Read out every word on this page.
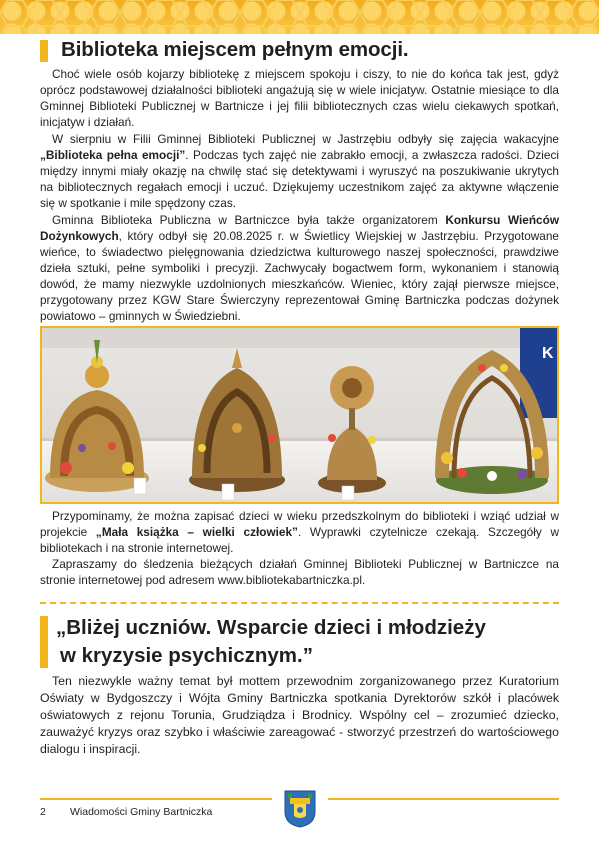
Biblioteka miejscem pełnym emocji.

Choć wiele osób kojarzy bibliotekę z miejscem spokoju i ciszy, to nie do końca tak jest, gdyż oprócz podstawowej działalności biblioteki angażują się w wiele inicjatyw. Ostatnie miesiące to dla Gminnej Biblioteki Publicznej w Bartnicze i jej filii bibliotecznych czas wielu ciekawych spotkań, inicjatyw i działań.

W sierpniu w Filii Gminnej Biblioteki Publicznej w Jastrzębiu odbyły się zajęcia wakacyjne „Biblioteka pełna emocji”. Podczas tych zajęć nie zabrakło emocji, a zwłaszcza radości. Dzieci między innymi miały okazję na chwilę stać się detektywami i wyruszyć na poszukiwanie ukrytych na bibliotecznych regałach emocji i uczuć. Dziękujemy uczestnikom zajęć za aktywne włączenie się w spotkanie i mile spędzony czas.

Gminna Biblioteka Publiczna w Bartniczce była także organizatorem Konkursu Wieńców Dożynkowych, który odbył się 20.08.2025 r. w Świetlicy Wiejskiej w Jastrzębiu. Przygotowane wieńce, to świadectwo pielęgnowania dziedzictwa kulturowego naszej społeczności, prawdziwe dzieła sztuki, pełne symboliki i precyzji. Zachwycały bogactwem form, wykonaniem i stanowią dowód, że mamy niezwykle uzdolnionych mieszkańców. Wieniec, który zajął pierwsze miejsce, przygotowany przez KGW Stare Świerczyny reprezentował Gminę Bartniczka podczas dożynek powiatowo – gminnych w Świedziebni.

K

Przypominamy, że można zapisać dzieci w wieku przedszkolnym do biblioteki i wziąć udział w projekcie „Mała książka – wielki człowiek”. Wyprawki czytelnicze czekają. Szczegóły w bibliotekach i na stronie internetowej.

Zapraszamy do śledzenia bieżących działań Gminnej Biblioteki Publicznej w Bartniczce na stronie internetowej pod adresem www.bibliotekabartniczka.pl.

„Bliżej uczniów. Wsparcie dzieci i młodzieży
w kryzysie psychicznym.”

Ten niezwykle ważny temat był mottem przewodnim zorganizowanego przez Kuratorium Oświaty w Bydgoszczy i Wójta Gminy Bartniczka spotkania Dyrektorów szkół i placówek oświatowych z rejonu Torunia, Grudziądza i Brodnicy. Wspólny cel – zrozumieć dziecko, zauważyć kryzys oraz szybko i właściwie zareagować - stworzyć przestrzeń do wartościowego dialogu i inspiracji.

2 Wiadomości Gminy Bartniczka
